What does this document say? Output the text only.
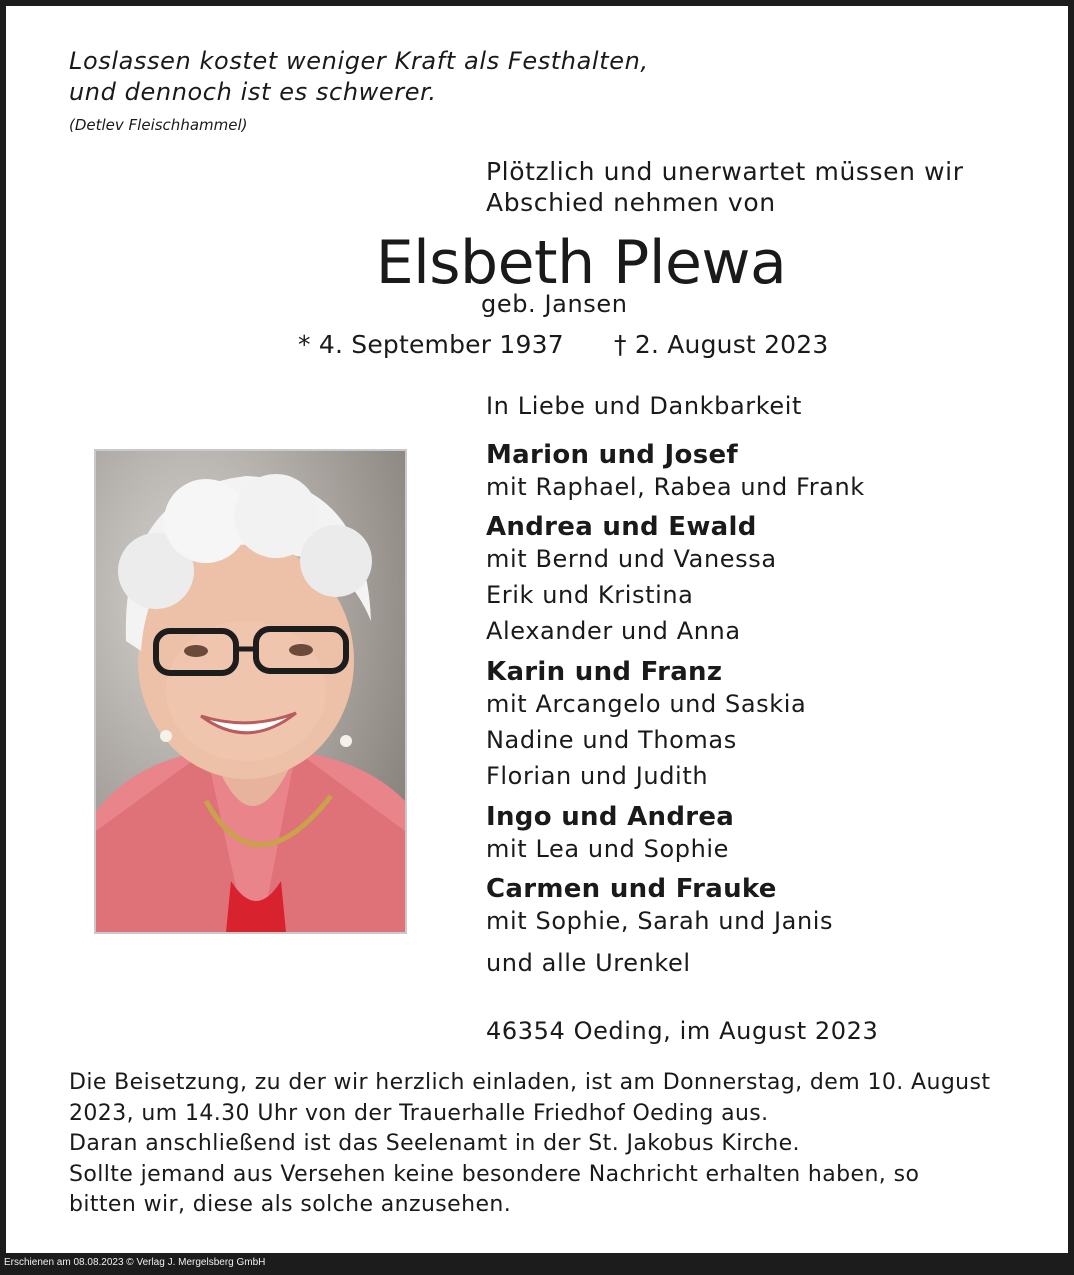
Loslassen kostet weniger Kraft als Festhalten,
und dennoch ist es schwerer.
(Detlev Fleischhammel)
Plötzlich und unerwartet müssen wir
Abschied nehmen von
Elsbeth Plewa
geb. Jansen
* 4. September 1937 † 2. August 2023
In Liebe und Dankbarkeit
Marion und Josef
mit Raphael, Rabea und Frank
Andrea und Ewald
mit Bernd und Vanessa
Erik und Kristina
Alexander und Anna
Karin und Franz
mit Arcangelo und Saskia
Nadine und Thomas
Florian und Judith
Ingo und Andrea
mit Lea und Sophie
Carmen und Frauke
mit Sophie, Sarah und Janis
und alle Urenkel
46354 Oeding, im August 2023
Die Beisetzung, zu der wir herzlich einladen, ist am Donnerstag, dem 10. August
2023, um 14.30 Uhr von der Trauerhalle Friedhof Oeding aus.
Daran anschließend ist das Seelenamt in der St. Jakobus Kirche.
Sollte jemand aus Versehen keine besondere Nachricht erhalten haben, so
bitten wir, diese als solche anzusehen.
Erschienen am 08.08.2023 © Verlag J. Mergelsberg GmbH
